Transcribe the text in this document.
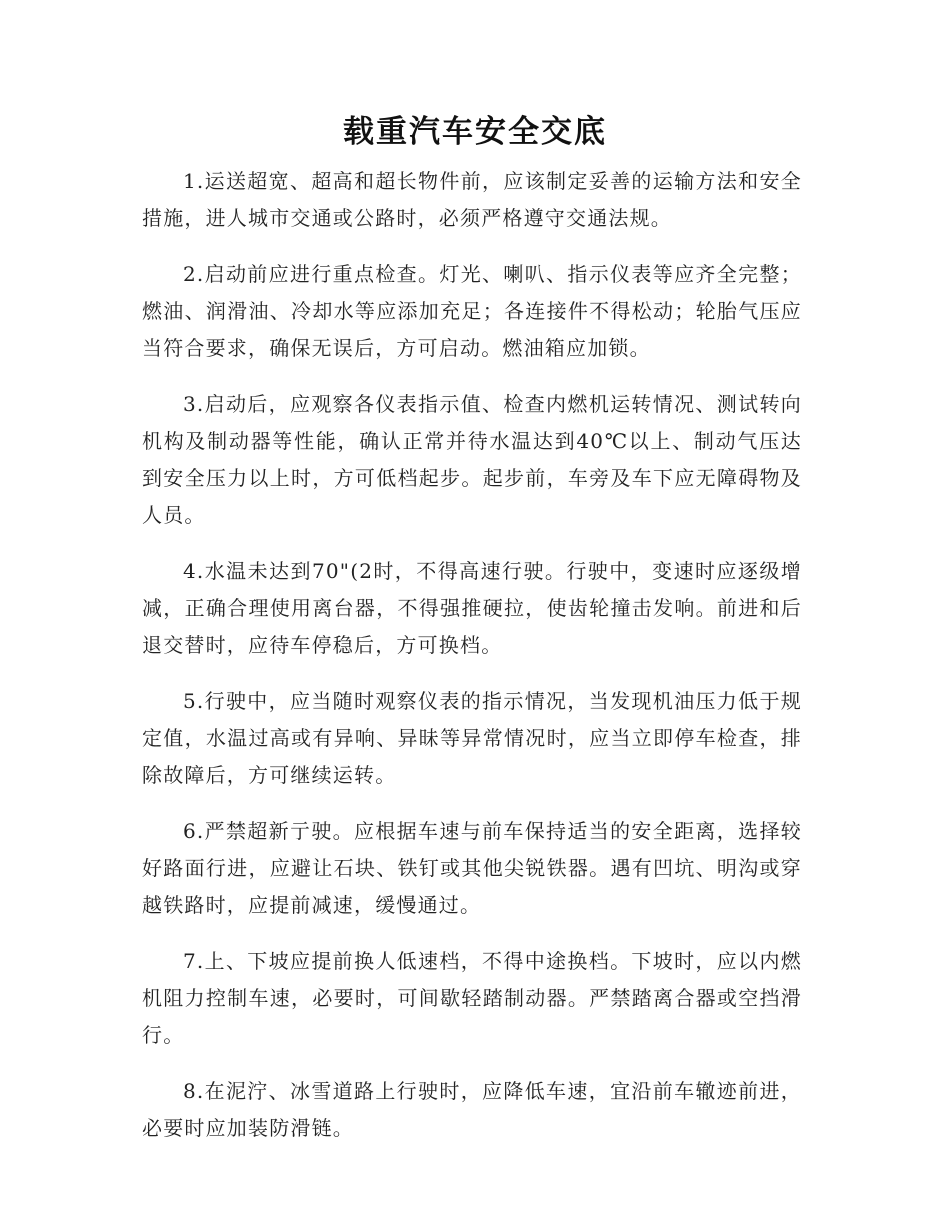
载重汽车安全交底

1.运送超宽、超高和超长物件前，应该制定妥善的运输方法和安全措施，进人城市交通或公路时，必须严格遵守交通法规。

2.启动前应进行重点检查。灯光、喇叭、指示仪表等应齐全完整；燃油、润滑油、冷却水等应添加充足；各连接件不得松动；轮胎气压应当符合要求，确保无误后，方可启动。燃油箱应加锁。

3.启动后，应观察各仪表指示值、检查内燃机运转情况、测试转向机构及制动器等性能，确认正常并待水温达到40℃以上、制动气压达到安全压力以上时，方可低档起步。起步前，车旁及车下应无障碍物及人员。

4.水温未达到70"(2时，不得高速行驶。行驶中，变速时应逐级增减，正确合理使用离台器，不得强推硬拉，使齿轮撞击发响。前进和后退交替时，应待车停稳后，方可换档。

5.行驶中，应当随时观察仪表的指示情况，当发现机油压力低于规定值，水温过高或有异响、异昧等异常情况时，应当立即停车检查，排除故障后，方可继续运转。

6.严禁超新亍驶。应根据车速与前车保持适当的安全距离，选择较好路面行进，应避让石块、铁钉或其他尖锐铁器。遇有凹坑、明沟或穿越铁路时，应提前减速，缓慢通过。

7.上、下坡应提前换人低速档，不得中途换档。下坡时，应以内燃机阻力控制车速，必要时，可间歇轻踏制动器。严禁踏离合器或空挡滑行。

8.在泥泞、冰雪道路上行驶时，应降低车速，宜沿前车辙迹前进，必要时应加装防滑链。
